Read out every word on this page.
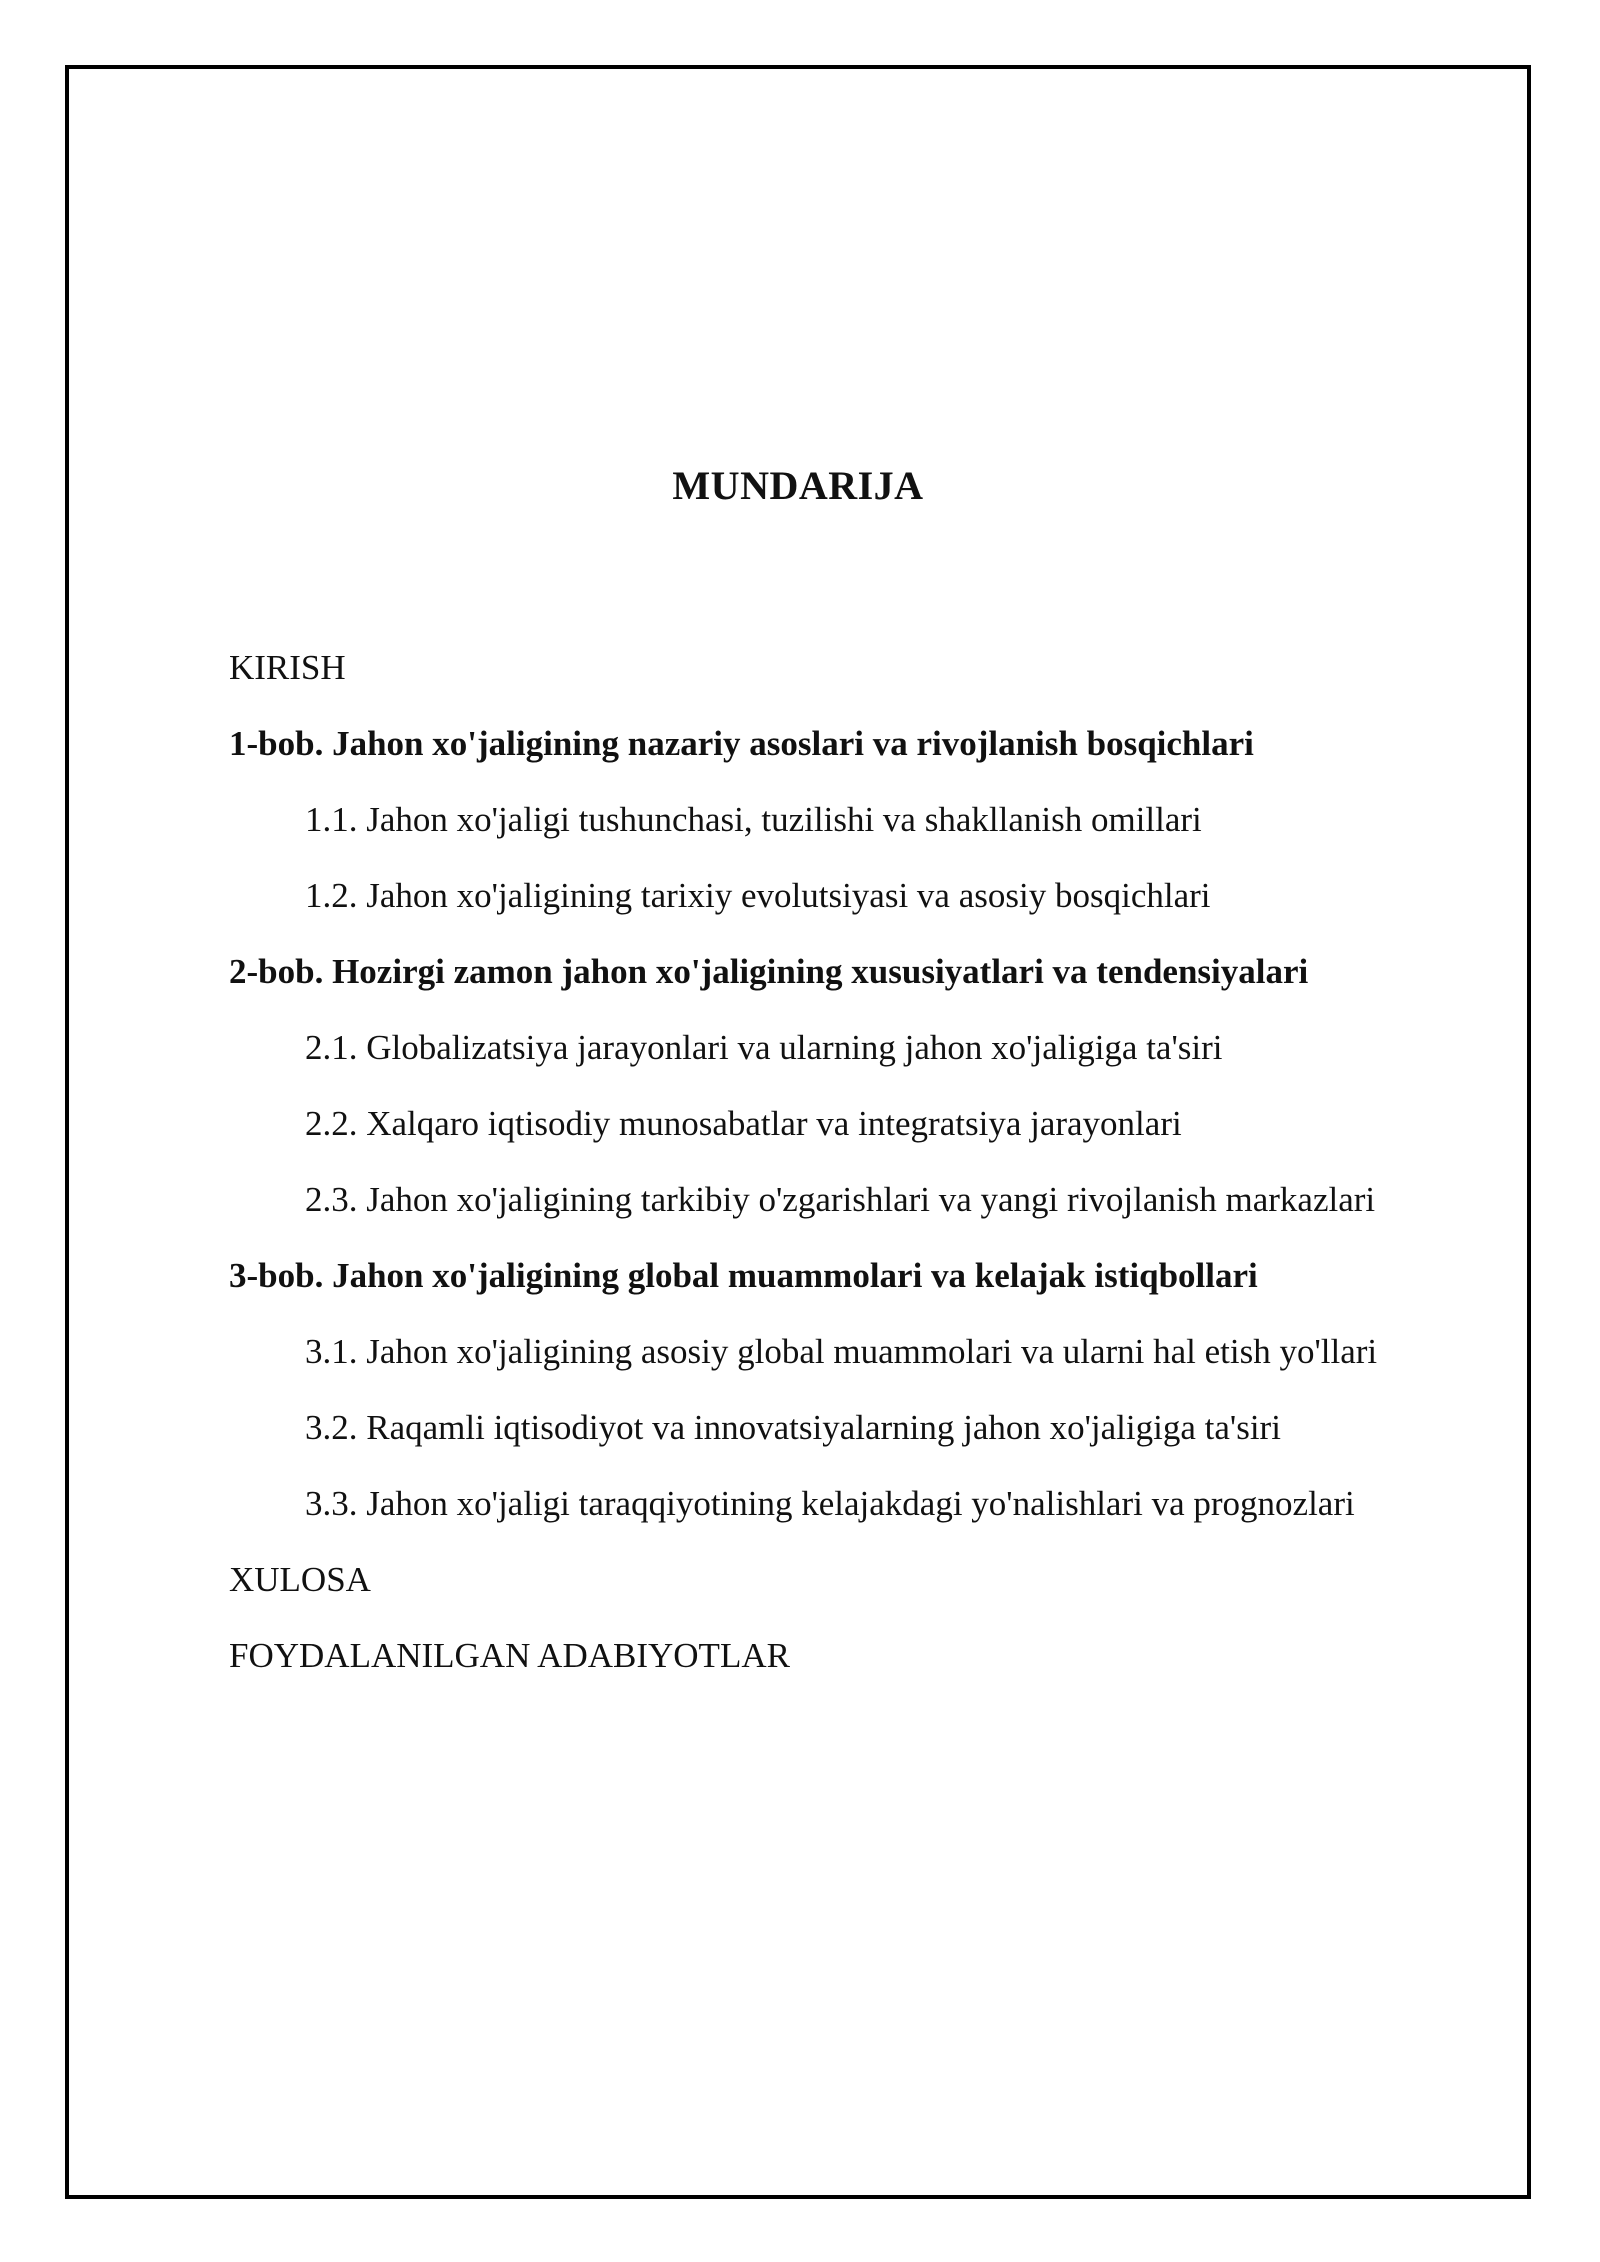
MUNDARIJA
KIRISH
1-bob. Jahon xo'jaligining nazariy asoslari va rivojlanish bosqichlari
1.1. Jahon xo'jaligi tushunchasi, tuzilishi va shakllanish omillari
1.2. Jahon xo'jaligining tarixiy evolutsiyasi va asosiy bosqichlari
2-bob. Hozirgi zamon jahon xo'jaligining xususiyatlari va tendensiyalari
2.1. Globalizatsiya jarayonlari va ularning jahon xo'jaligiga ta'siri
2.2. Xalqaro iqtisodiy munosabatlar va integratsiya jarayonlari
2.3. Jahon xo'jaligining tarkibiy o'zgarishlari va yangi rivojlanish markazlari
3-bob. Jahon xo'jaligining global muammolari va kelajak istiqbollari
3.1. Jahon xo'jaligining asosiy global muammolari va ularni hal etish yo'llari
3.2. Raqamli iqtisodiyot va innovatsiyalarning jahon xo'jaligiga ta'siri
3.3. Jahon xo'jaligi taraqqiyotining kelajakdagi yo'nalishlari va prognozlari
XULOSA
FOYDALANILGAN ADABIYOTLAR
